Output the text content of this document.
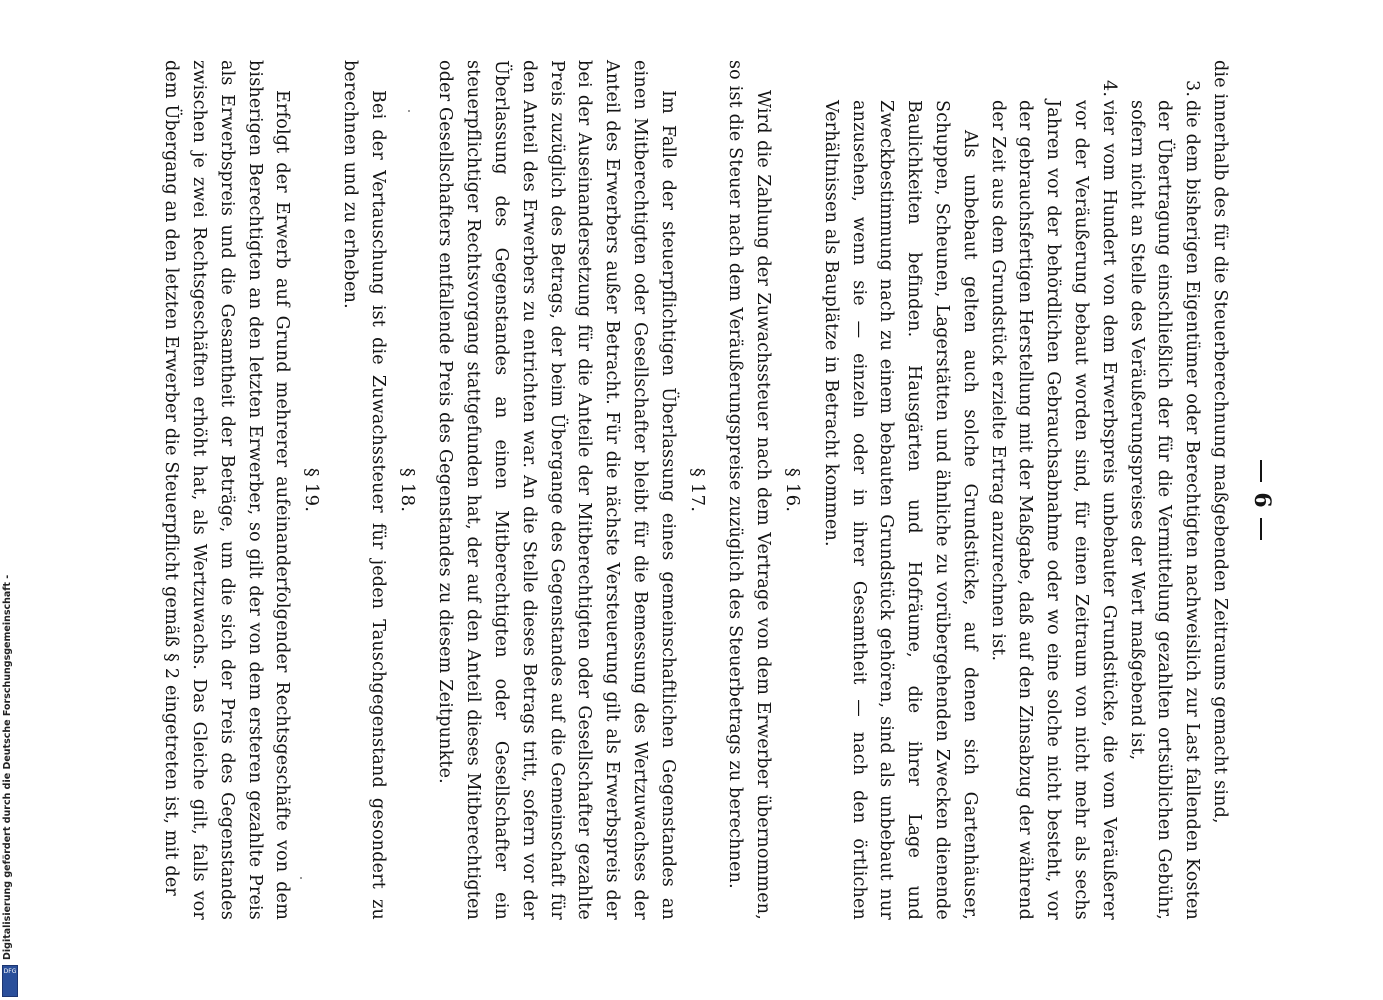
6

die innerhalb des für die Steuerberechnung maßgebenden Zeitraums gemacht sind,

3.
die dem bisherigen Eigentümer oder Berechtigten nachweislich zur Last fallenden Kosten der Übertragung einschließlich der für die Vermittelung gezahlten ortsüblichen Gebühr, sofern nicht an Stelle des Veräußerungspreises der Wert maßgebend ist,
4.
vier vom Hundert von dem Erwerbspreis unbebauter Grundstücke, die vom Veräußerer vor der Veräußerung bebaut worden sind, für einen Zeitraum von nicht mehr als sechs Jahren vor der behördlichen Gebrauchsabnahme oder wo eine solche nicht besteht, vor der gebrauchsfertigen Herstellung mit der Maßgabe, daß auf den Zinsabzug der während der Zeit aus dem Grundstück erzielte Ertrag anzurechnen ist.

Als unbebaut gelten auch solche Grundstücke, auf denen sich Gartenhäuser, Schuppen, Scheunen, Lagerstätten und ähnliche zu vorübergehenden Zwecken dienende Baulichkeiten befinden. Hausgärten und Hofräume, die ihrer Lage und Zweckbestimmung nach zu einem bebauten Grundstück gehören, sind als unbebaut nur anzusehen, wenn sie — einzeln oder in ihrer Gesamtheit — nach den örtlichen Verhältnissen als Bauplätze in Betracht kommen.

§ 16.

Wird die Zahlung der Zuwachssteuer nach dem Vertrage von dem Erwerber übernommen, so ist die Steuer nach dem Veräußerungspreise zuzüglich des Steuerbetrags zu berechnen.

§ 17.

Im Falle der steuerpflichtigen Überlassung eines gemeinschaftlichen Gegenstandes an einen Mitberechtigten oder Gesellschafter bleibt für die Bemessung des Wertzuwachses der Anteil des Erwerbers außer Betracht. Für die nächste Versteuerung gilt als Erwerbspreis der bei der Auseinandersetzung für die Anteile der Mitberechtigten oder Gesellschafter gezahlte Preis zuzüglich des Betrags, der beim Übergange des Gegenstandes auf die Gemeinschaft für den Anteil des Erwerbers zu entrichten war. An die Stelle dieses Betrags tritt, sofern vor der Überlassung des Gegenstandes an einen Mitberechtigten oder Gesellschafter ein steuerpflichtiger Rechtsvorgang stattgefunden hat, der auf den Anteil dieses Mitberechtigten oder Gesellschafters entfallende Preis des Gegenstandes zu diesem Zeitpunkte.

§ 18.

Bei der Vertauschung ist die Zuwachssteuer für jeden Tauschgegenstand gesondert zu berechnen und zu erheben.

§ 19.

Erfolgt der Erwerb auf Grund mehrerer aufeinanderfolgender Rechtsgeschäfte von dem bisherigen Berechtigten an den letzten Erwerber, so gilt der von dem ersteren gezahlte Preis als Erwerbspreis und die Gesamtheit der Beträge, um die sich der Preis des Gegenstandes zwischen je zwei Rechtsgeschäften erhöht hat, als Wertzuwachs. Das Gleiche gilt, falls vor dem Übergang an den letzten Erwerber die Steuerpflicht gemäß § 2 eingetreten ist, mit der

Digitalisierung gefördert durch die Deutsche Forschungsgemeinschaft -
DFG
